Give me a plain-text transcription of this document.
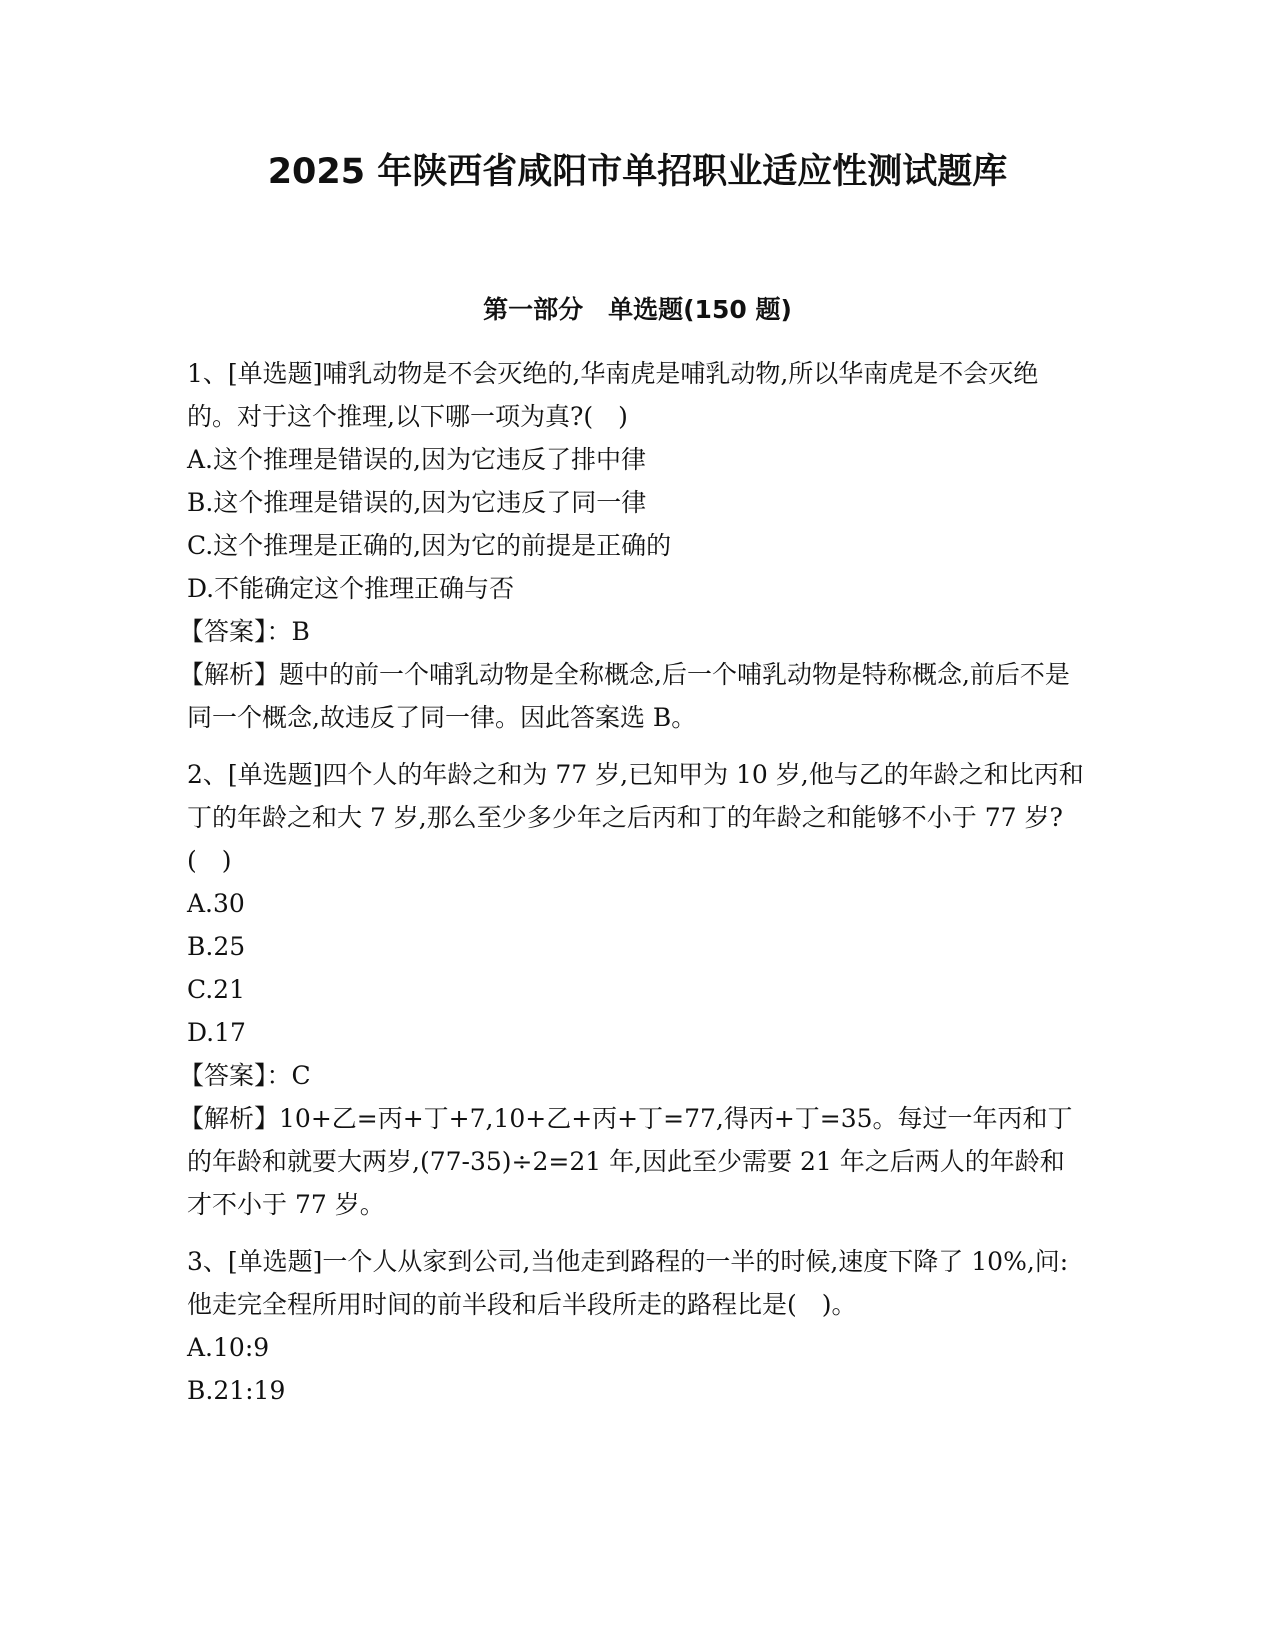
2025 年陕西省咸阳市单招职业适应性测试题库
第一部分　单选题(150 题)

1、[单选题]哺乳动物是不会灭绝的,华南虎是哺乳动物,所以华南虎是不会灭绝的。对于这个推理,以下哪一项为真?(　)

A.这个推理是错误的,因为它违反了排中律
B.这个推理是错误的,因为它违反了同一律
C.这个推理是正确的,因为它的前提是正确的
D.不能确定这个推理正确与否

【答案】：B

【解析】题中的前一个哺乳动物是全称概念,后一个哺乳动物是特称概念,前后不是同一个概念,故违反了同一律。因此答案选 B。

2、[单选题]四个人的年龄之和为 77 岁,已知甲为 10 岁,他与乙的年龄之和比丙和丁的年龄之和大 7 岁,那么至少多少年之后丙和丁的年龄之和能够不小于 77 岁?(　)

A.30
B.25
C.21
D.17

【答案】：C

【解析】10+乙=丙+丁+7,10+乙+丙+丁=77,得丙+丁=35。每过一年丙和丁的年龄和就要大两岁,(77-35)÷2=21 年,因此至少需要 21 年之后两人的年龄和才不小于 77 岁。

3、[单选题]一个人从家到公司,当他走到路程的一半的时候,速度下降了 10%,问:他走完全程所用时间的前半段和后半段所走的路程比是(　)。

A.10:9
B.21:19
